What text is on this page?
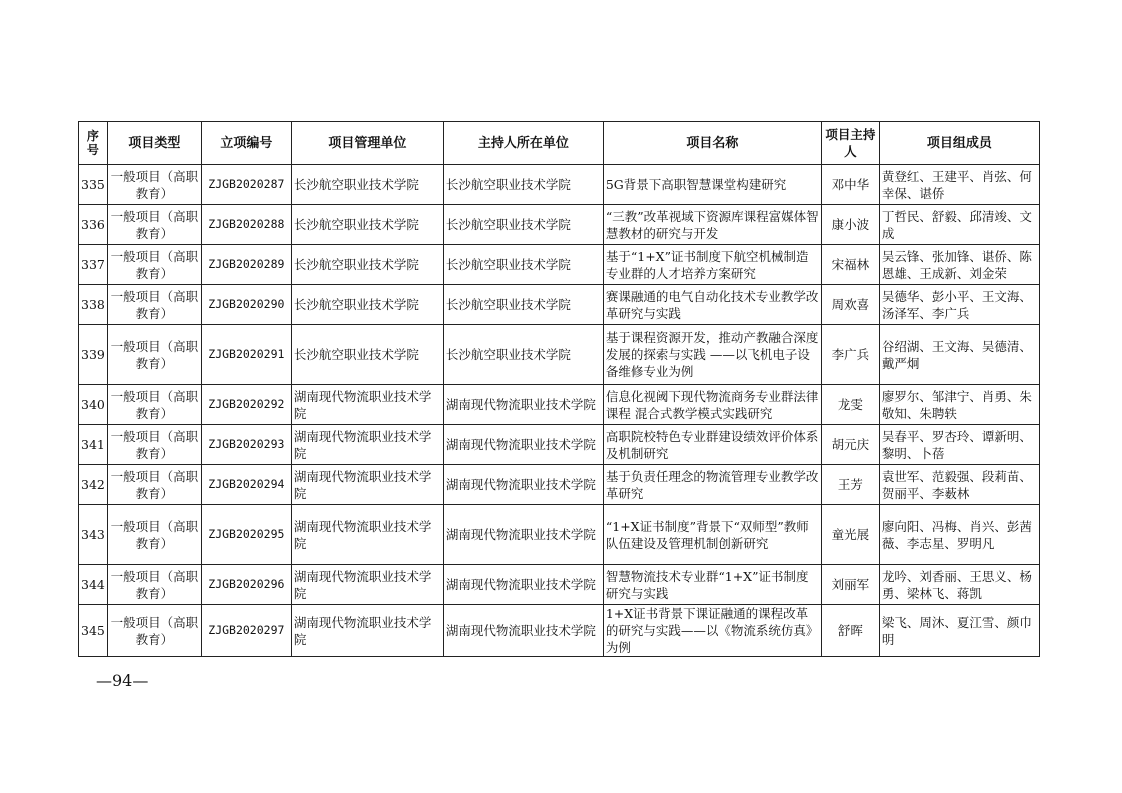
序号	项目类型	立项编号	项目管理单位	主持人所在单位	项目名称	项目主持人	项目组成员
335	一般项目（高职教育）	ZJGB2020287	长沙航空职业技术学院	长沙航空职业技术学院	5G背景下高职智慧课堂构建研究	邓中华	黄登红、王建平、肖弦、何幸保、谌侨
336	一般项目（高职教育）	ZJGB2020288	长沙航空职业技术学院	长沙航空职业技术学院	“三教”改革视域下资源库课程富媒体智慧教材的研究与开发	康小波	丁哲民、舒毅、邱清竣、文成
337	一般项目（高职教育）	ZJGB2020289	长沙航空职业技术学院	长沙航空职业技术学院	基于“1+X”证书制度下航空机械制造专业群的人才培养方案研究	宋福林	吴云锋、张加锋、谌侨、陈恩雄、王成新、刘金荣
338	一般项目（高职教育）	ZJGB2020290	长沙航空职业技术学院	长沙航空职业技术学院	赛课融通的电气自动化技术专业教学改革研究与实践	周欢喜	吴德华、彭小平、王文海、汤泽军、李广兵
339	一般项目（高职教育）	ZJGB2020291	长沙航空职业技术学院	长沙航空职业技术学院	基于课程资源开发，推动产教融合深度发展的探索与实践 ——以飞机电子设备维修专业为例	李广兵	谷绍湖、王文海、吴德清、戴严炯
340	一般项目（高职教育）	ZJGB2020292	湖南现代物流职业技术学院	湖南现代物流职业技术学院	信息化视阈下现代物流商务专业群法律课程 混合式教学模式实践研究	龙雯	廖罗尔、邹津宁、肖勇、朱敬知、朱聘轶
341	一般项目（高职教育）	ZJGB2020293	湖南现代物流职业技术学院	湖南现代物流职业技术学院	高职院校特色专业群建设绩效评价体系及机制研究	胡元庆	吴春平、罗杏玲、谭新明、黎明、卜蓓
342	一般项目（高职教育）	ZJGB2020294	湖南现代物流职业技术学院	湖南现代物流职业技术学院	基于负责任理念的物流管理专业教学改革研究	王芳	袁世军、范毅强、段莉苗、贺丽平、李薮林
343	一般项目（高职教育）	ZJGB2020295	湖南现代物流职业技术学院	湖南现代物流职业技术学院	“1+X证书制度”背景下“双师型”教师队伍建设及管理机制创新研究	童光展	廖向阳、冯梅、肖兴、彭茜薇、李志星、罗明凡
344	一般项目（高职教育）	ZJGB2020296	湖南现代物流职业技术学院	湖南现代物流职业技术学院	智慧物流技术专业群“1+X”证书制度研究与实践	刘丽军	龙吟、刘香丽、王思义、杨勇、梁林飞、蒋凯
345	一般项目（高职教育）	ZJGB2020297	湖南现代物流职业技术学院	湖南现代物流职业技术学院	1+X证书背景下课证融通的课程改革的研究与实践——以《物流系统仿真》为例	舒晖	梁飞、周沐、夏江雪、颜巾明
—94—
